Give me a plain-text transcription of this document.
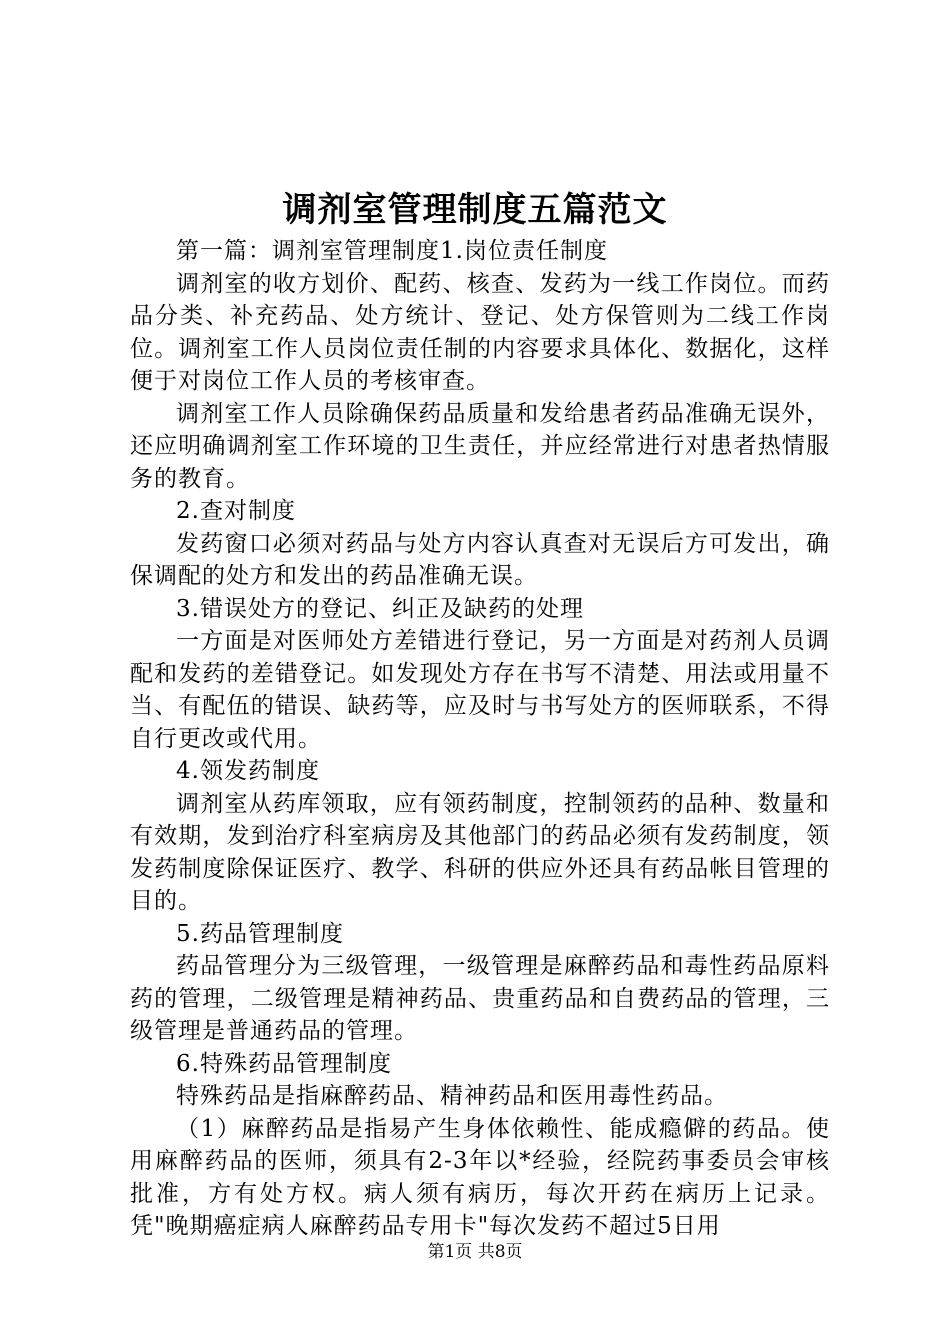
调剂室管理制度五篇范文

第一篇：调剂室管理制度1.岗位责任制度

调剂室的收方划价、配药、核查、发药为一线工作岗位。而药品分类、补充药品、处方统计、登记、处方保管则为二线工作岗位。调剂室工作人员岗位责任制的内容要求具体化、数据化，这样便于对岗位工作人员的考核审查。

调剂室工作人员除确保药品质量和发给患者药品准确无误外，还应明确调剂室工作环境的卫生责任，并应经常进行对患者热情服务的教育。

2.查对制度

发药窗口必须对药品与处方内容认真查对无误后方可发出，确保调配的处方和发出的药品准确无误。

3.错误处方的登记、纠正及缺药的处理

一方面是对医师处方差错进行登记，另一方面是对药剂人员调配和发药的差错登记。如发现处方存在书写不清楚、用法或用量不当、有配伍的错误、缺药等，应及时与书写处方的医师联系，不得自行更改或代用。

4.领发药制度

调剂室从药库领取，应有领药制度，控制领药的品种、数量和有效期，发到治疗科室病房及其他部门的药品必须有发药制度，领发药制度除保证医疗、教学、科研的供应外还具有药品帐目管理的目的。

5.药品管理制度

药品管理分为三级管理，一级管理是麻醉药品和毒性药品原料药的管理，二级管理是精神药品、贵重药品和自费药品的管理，三级管理是普通药品的管理。

6.特殊药品管理制度

特殊药品是指麻醉药品、精神药品和医用毒性药品。

（1）麻醉药品是指易产生身体依赖性、能成瘾僻的药品。使用麻醉药品的医师，须具有2-3年以*经验，经院药事委员会审核批准，方有处方权。病人须有病历，每次开药在病历上记录。凭"晚期癌症病人麻醉药品专用卡"每次发药不超过5日用

第1页 共8页
